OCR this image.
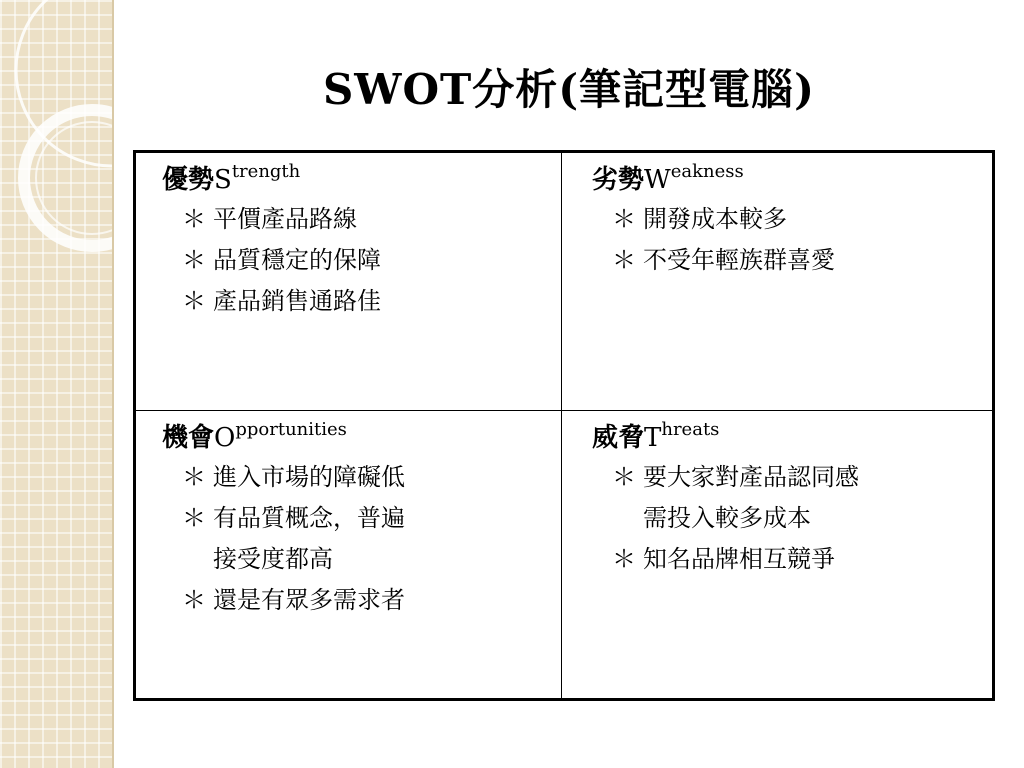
SWOT分析(筆記型電腦)
優勢 S trength
＊ 平價產品路線
＊ 品質穩定的保障
＊ 產品銷售通路佳
劣勢 W eakness
＊ 開發成本較多
＊ 不受年輕族群喜愛
機會 O pportunities
＊ 進入市場的障礙低
＊ 有品質概念，普遍
接受度都高
＊ 還是有眾多需求者
威脅 T hreats
＊ 要大家對產品認同感
需投入較多成本
＊ 知名品牌相互競爭
